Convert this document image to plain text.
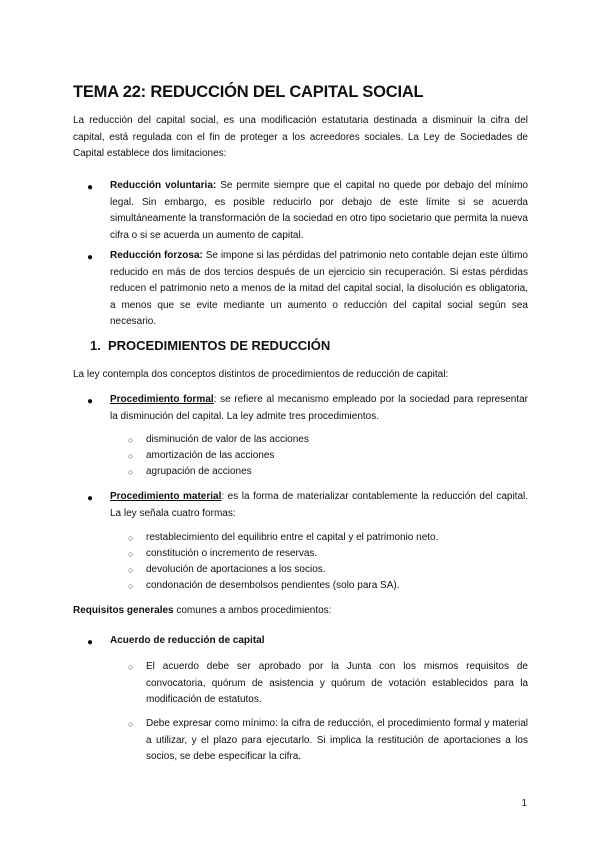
TEMA 22: REDUCCIÓN DEL CAPITAL SOCIAL

La reducción del capital social, es una modificación estatutaria destinada a disminuir la cifra del capital, está regulada con el fin de proteger a los acreedores sociales. La Ley de Sociedades de Capital establece dos limitaciones:

● Reducción voluntaria: Se permite siempre que el capital no quede por debajo del mínimo legal. Sin embargo, es posible reducirlo por debajo de este límite si se acuerda simultáneamente la transformación de la sociedad en otro tipo societario que permita la nueva cifra o si se acuerda un aumento de capital.

● Reducción forzosa: Se impone si las pérdidas del patrimonio neto contable dejan este último reducido en más de dos tercios después de un ejercicio sin recuperación. Si estas pérdidas reducen el patrimonio neto a menos de la mitad del capital social, la disolución es obligatoria, a menos que se evite mediante un aumento o reducción del capital social según sea necesario.

1. PROCEDIMIENTOS DE REDUCCIÓN

La ley contempla dos conceptos distintos de procedimientos de reducción de capital:

● Procedimiento formal: se refiere al mecanismo empleado por la sociedad para representar la disminución del capital. La ley admite tres procedimientos.

○ disminución de valor de las acciones

○ amortización de las acciones

○ agrupación de acciones

● Procedimiento material: es la forma de materializar contablemente la reducción del capital. La ley señala cuatro formas:

○ restablecimiento del equilibrio entre el capital y el patrimonio neto.

○ constitución o incremento de reservas.

○ devolución de aportaciones a los socios.

○ condonación de desembolsos pendientes (solo para SA).

Requisitos generales comunes a ambos procedimientos:

● Acuerdo de reducción de capital

○ El acuerdo debe ser aprobado por la Junta con los mismos requisitos de convocatoria, quórum de asistencia y quórum de votación establecidos para la modificación de estatutos.

○ Debe expresar como mínimo: la cifra de reducción, el procedimiento formal y material a utilizar, y el plazo para ejecutarlo. Si implica la restitución de aportaciones a los socios, se debe especificar la cifra.

1
